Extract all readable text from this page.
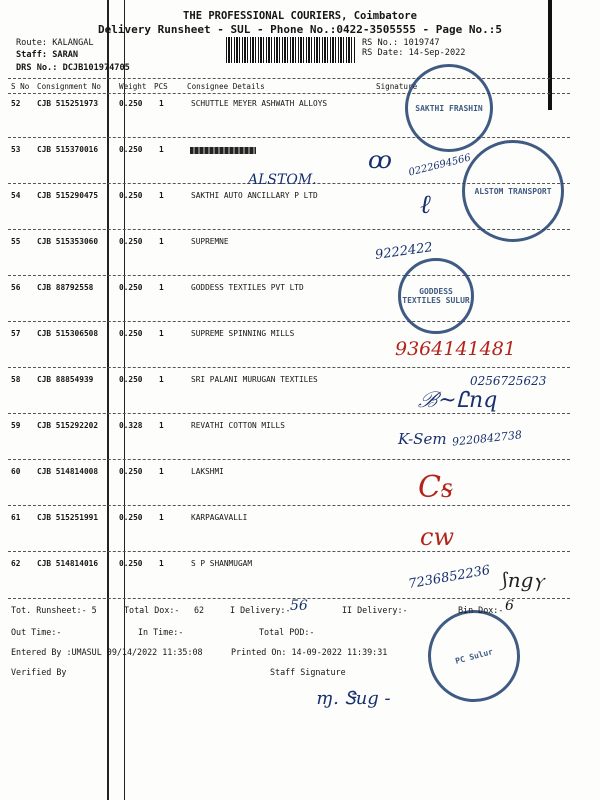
THE PROFESSIONAL COURIERS, Coimbatore
Delivery Runsheet - SUL - Phone No.:0422-3505555 - Page No.:5
Route: KALANGAL
Staff: SARAN
DRS No.: DCJB101974705
RS No.: 1019747
RS Date: 14-Sep-2022
S No Consignment No Weight PCS	Consignee Details	Signature
52 CJB 515251973	0.250 1	SCHUTTLE MEYER ASHWATH ALLOYS
53 CJB 515370016	0.250 1
54 CJB 515290475	0.250 1	SAKTHI AUTO ANCILLARY P LTD
55 CJB 515353060	0.250 1	SUPREMNE
56 CJB 88792558	0.250 1	GODDESS TEXTILES PVT LTD
57 CJB 515306508	0.250 1	SUPREME SPINNING MILLS
58 CJB 88854939	0.250 1	SRI PALANI MURUGAN TEXTILES
59 CJB 515292202	0.328 1	REVATHI COTTON MILLS
60 CJB 514814008	0.250 1	LAKSHMI
61 CJB 515251991	0.250 1	KARPAGAVALLI
62 CJB 514814016	0.250 1	S P SHANMUGAM
SAKTHI FRASHIN
ALSTOM TRANSPORT
GODDESS TEXTILES SULUR
PC Sulur
ALSTOM.
0222694566
ꝏ
ℓ
9222422
9364141481
0256725623
ℬ~Ꮭnq
K-Sem 9220842738
Cᵴ
cw
7236852236 ⟆ngⲩ
Tot. Runsheet:- 5	Total Dox:- 62	I Delivery:- 56	II Delivery:-	Bin Dox:- 6
Out Time:-	In Time:-	Total POD:-
Entered By :UMASUL 09/14/2022 11:35:08	Printed On: 14-09-2022 11:39:31
Verified By	Staff Signature
ɱ. Ꮥug -
